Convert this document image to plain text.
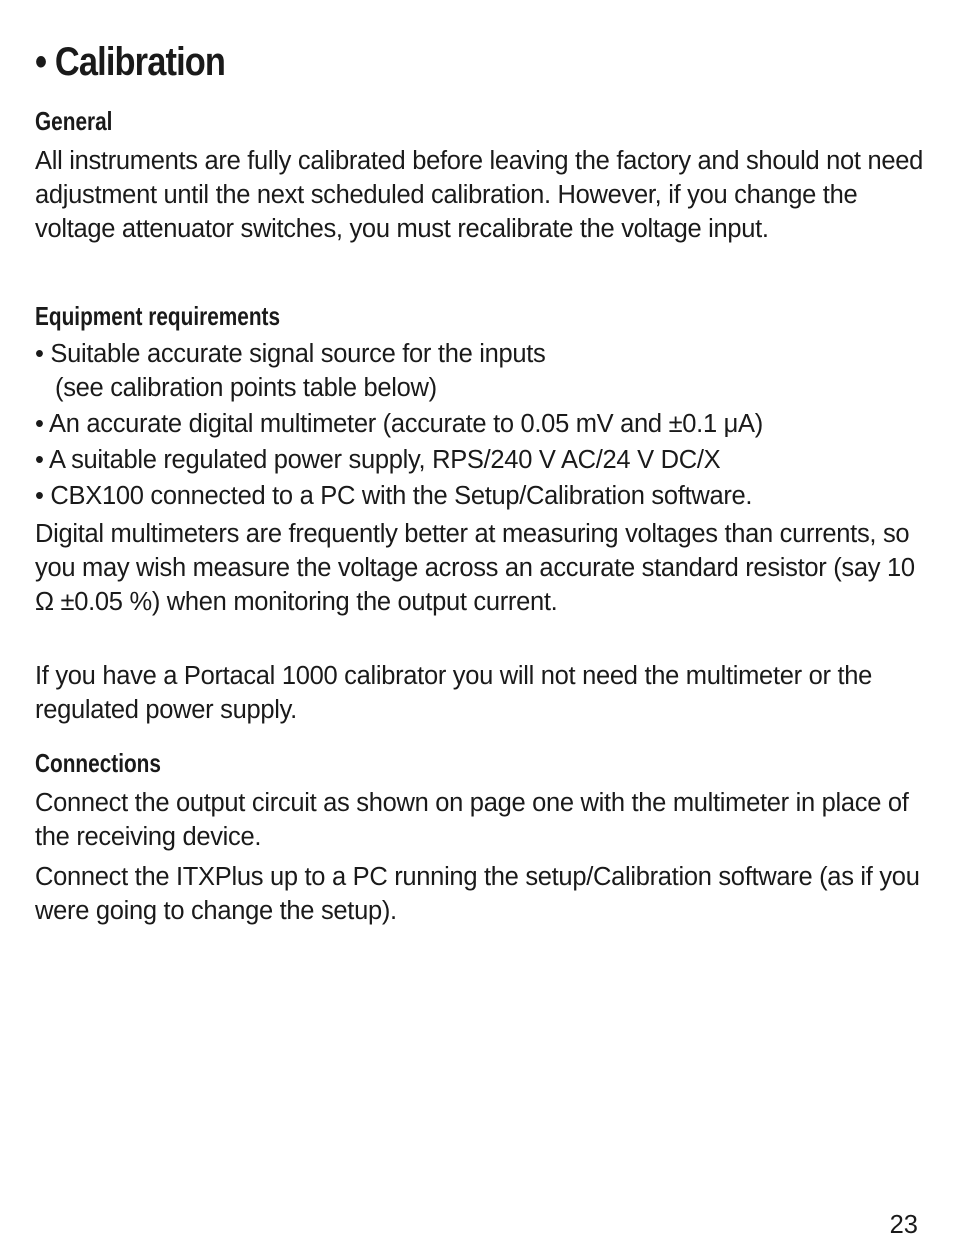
• Calibration
General

All instruments are fully calibrated before leaving the factory and should not need adjustment until the next scheduled calibration. However, if you change the voltage attenuator switches, you must recalibrate the voltage input.

Equipment requirements

• Suitable accurate signal source for the inputs

(see calibration points table below)

• An accurate digital multimeter (accurate to 0.05 mV and ±0.1 μA)

• A suitable regulated power supply, RPS/240 V AC/24 V DC/X

• CBX100 connected to a PC with the Setup/Calibration software.

Digital multimeters are frequently better at measuring voltages than currents, so you may wish measure the voltage across an accurate standard resistor (say 10 Ω ±0.05 %) when monitoring the output current.

If you have a Portacal 1000 calibrator you will not need the multimeter or the regulated power supply.

Connections

Connect the output circuit as shown on page one with the multimeter in place of the receiving device.

Connect the ITXPlus up to a PC running the setup/Calibration software (as if you were going to change the setup).

23
